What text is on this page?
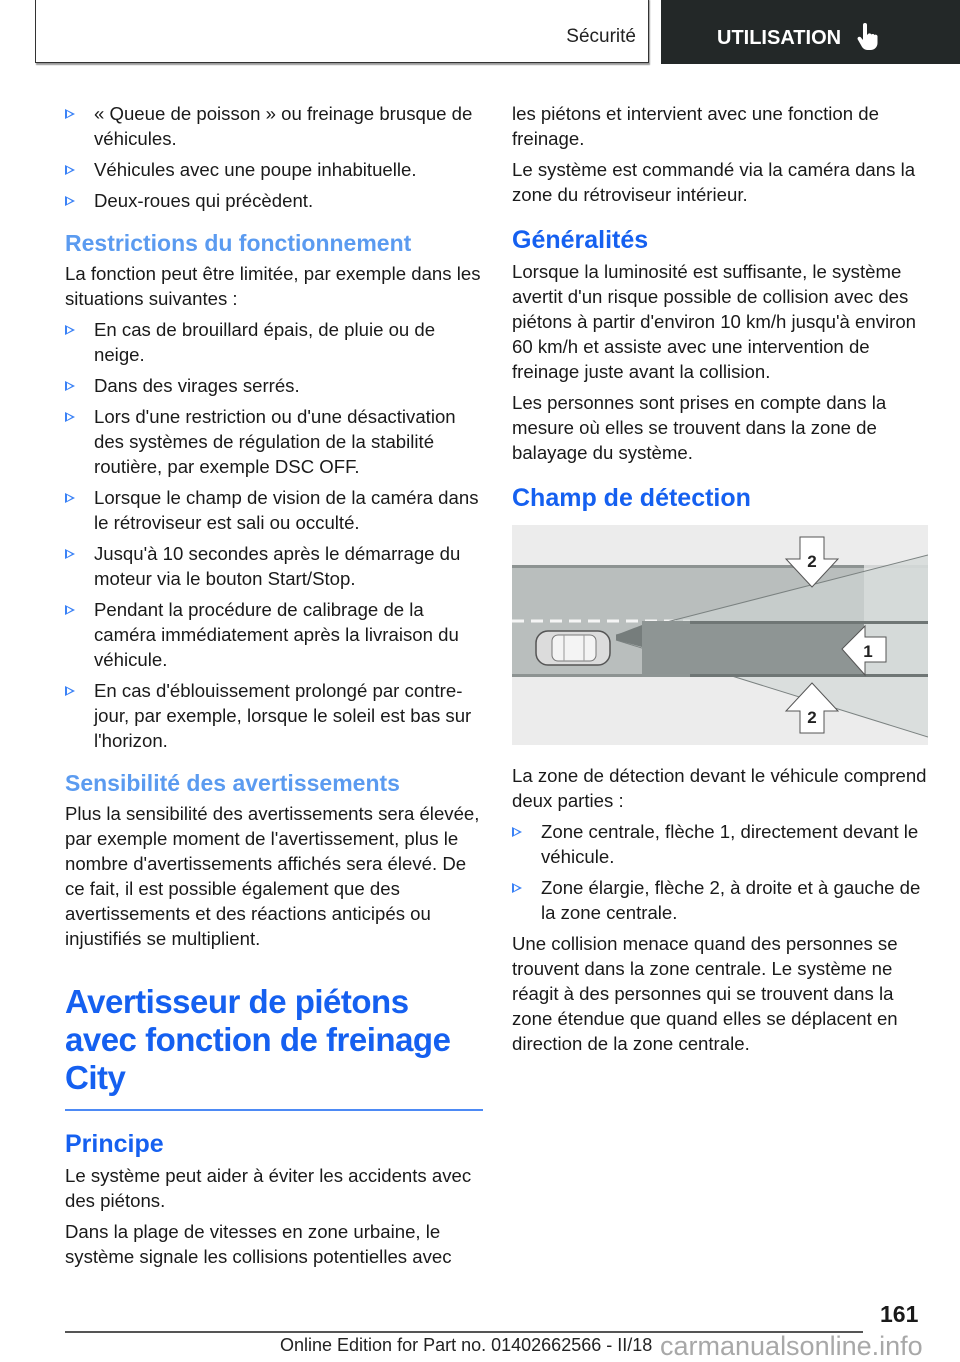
Sécurité	UTILISATION
« Queue de poisson » ou freinage brusque de véhicules.
Véhicules avec une poupe inhabituelle.
Deux-roues qui précèdent.
Restrictions du fonctionnement

La fonction peut être limitée, par exemple dans les situations suivantes :

En cas de brouillard épais, de pluie ou de neige.
Dans des virages serrés.
Lors d'une restriction ou d'une désactivation des systèmes de régulation de la stabilité routière, par exemple DSC OFF.
Lorsque le champ de vision de la caméra dans le rétroviseur est sali ou occulté.
Jusqu'à 10 secondes après le démarrage du moteur via le bouton Start/Stop.
Pendant la procédure de calibrage de la caméra immédiatement après la livraison du véhicule.
En cas d'éblouissement prolongé par contre-jour, par exemple, lorsque le soleil est bas sur l'horizon.
Sensibilité des avertissements

Plus la sensibilité des avertissements sera élevée, par exemple moment de l'avertissement, plus le nombre d'avertissements affichés sera élevé. De ce fait, il est possible également que des avertissements et des réactions anticipés ou injustifiés se multiplient.

Avertisseur de piétons avec fonction de freinage City
Principe

Le système peut aider à éviter les accidents avec des piétons.

Dans la plage de vitesses en zone urbaine, le système signale les collisions potentielles avec

les piétons et intervient avec une fonction de freinage.

Le système est commandé via la caméra dans la zone du rétroviseur intérieur.

Généralités

Lorsque la luminosité est suffisante, le système avertit d'un risque possible de collision avec des piétons à partir d'environ 10 km/h jusqu'à environ 60 km/h et assiste avec une intervention de freinage juste avant la collision.

Les personnes sont prises en compte dans la mesure où elles se trouvent dans la zone de balayage du système.

Champ de détection
2
1
2

La zone de détection devant le véhicule comprend deux parties :

Zone centrale, flèche 1, directement devant le véhicule.
Zone élargie, flèche 2, à droite et à gauche de la zone centrale.

Une collision menace quand des personnes se trouvent dans la zone centrale. Le système ne réagit à des personnes qui se trouvent dans la zone étendue que quand elles se déplacent en direction de la zone centrale.

161
Online Edition for Part no. 01402662566 - II/18 carmanualsonline.info
